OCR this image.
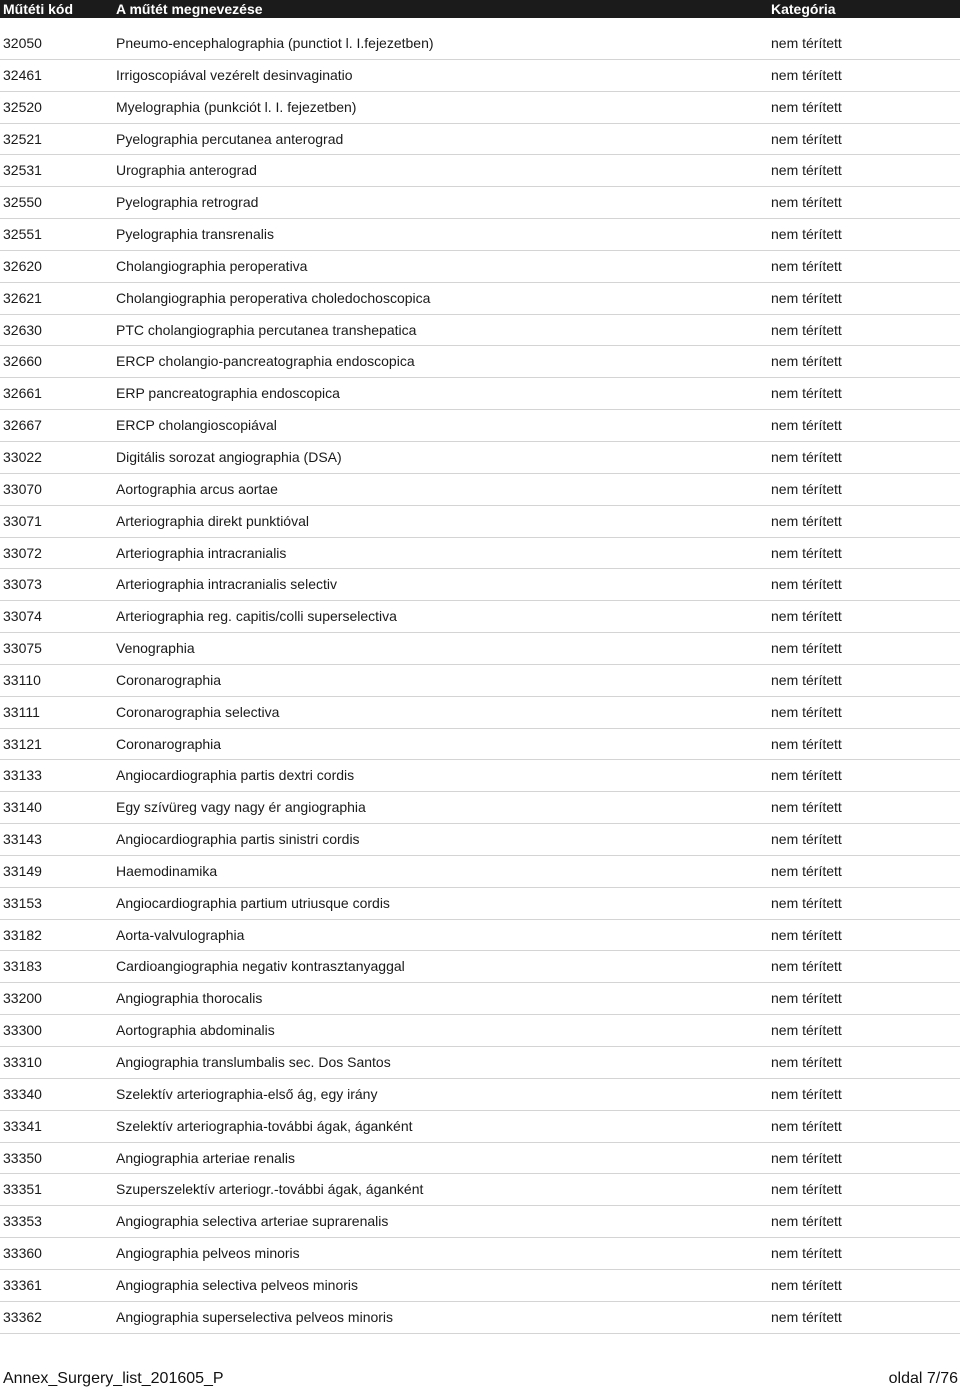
Műtéti kód	A műtét megnevezése	Kategória
32050	Pneumo-encephalographia (punctiot l. I.fejezetben)	nem térített
32461	Irrigoscopiával vezérelt desinvaginatio	nem térített
32520	Myelographia (punkciót l. I. fejezetben)	nem térített
32521	Pyelographia percutanea anterograd	nem térített
32531	Urographia anterograd	nem térített
32550	Pyelographia retrograd	nem térített
32551	Pyelographia transrenalis	nem térített
32620	Cholangiographia peroperativa	nem térített
32621	Cholangiographia peroperativa choledochoscopica	nem térített
32630	PTC cholangiographia percutanea transhepatica	nem térített
32660	ERCP cholangio-pancreatographia endoscopica	nem térített
32661	ERP pancreatographia endoscopica	nem térített
32667	ERCP cholangioscopiával	nem térített
33022	Digitális sorozat angiographia (DSA)	nem térített
33070	Aortographia arcus aortae	nem térített
33071	Arteriographia direkt punktióval	nem térített
33072	Arteriographia intracranialis	nem térített
33073	Arteriographia intracranialis selectiv	nem térített
33074	Arteriographia reg. capitis/colli superselectiva	nem térített
33075	Venographia	nem térített
33110	Coronarographia	nem térített
33111	Coronarographia selectiva	nem térített
33121	Coronarographia	nem térített
33133	Angiocardiographia partis dextri cordis	nem térített
33140	Egy szívüreg vagy nagy ér angiographia	nem térített
33143	Angiocardiographia partis sinistri cordis	nem térített
33149	Haemodinamika	nem térített
33153	Angiocardiographia partium utriusque cordis	nem térített
33182	Aorta-valvulographia	nem térített
33183	Cardioangiographia negativ kontrasztanyaggal	nem térített
33200	Angiographia thorocalis	nem térített
33300	Aortographia abdominalis	nem térített
33310	Angiographia translumbalis sec. Dos Santos	nem térített
33340	Szelektív arteriographia-első ág, egy irány	nem térített
33341	Szelektív arteriographia-további ágak, áganként	nem térített
33350	Angiographia arteriae renalis	nem térített
33351	Szuperszelektív arteriogr.-további ágak, áganként	nem térített
33353	Angiographia selectiva arteriae suprarenalis	nem térített
33360	Angiographia pelveos minoris	nem térített
33361	Angiographia selectiva pelveos minoris	nem térített
33362	Angiographia superselectiva pelveos minoris	nem térített
Annex_Surgery_list_201605_P	oldal 7/76
